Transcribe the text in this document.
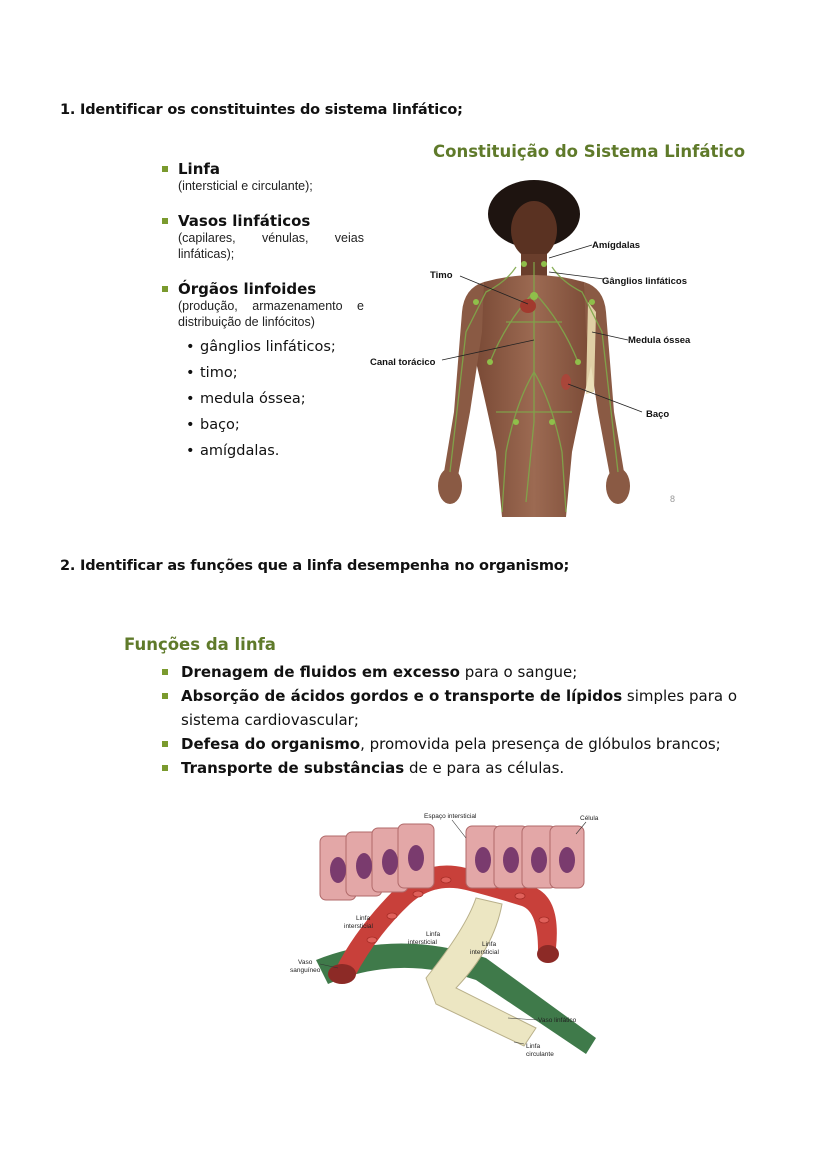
1. Identificar os constituintes do sistema linfático;
Linfa
(intersticial e circulante);
Vasos linfáticos
(capilares, vénulas, veias linfáticas);
Órgãos linfoides
(produção, armazenamento e distribuição de linfócitos)
• gânglios linfáticos;
• timo;
• medula óssea;
• baço;
• amígdalas.
Constituição do Sistema Linfático
Amígdalas
Gânglios linfáticos
Timo
Medula óssea
Canal torácico
Baço
8
2. Identificar as funções que a linfa desempenha no organismo;
Funções da linfa
Drenagem de fluidos em excesso para o sangue;
Absorção de ácidos gordos e o transporte de lípidos simples para o sistema cardiovascular;
Defesa do organismo, promovida pela presença de glóbulos brancos;
Transporte de substâncias de e para as células.
Espaço intersticial	Célula
Linfa
intersticial
Linfa
intersticial	Linfa
intersticial
Vaso
sanguíneo
Vaso linfático
Linfa
circulante
